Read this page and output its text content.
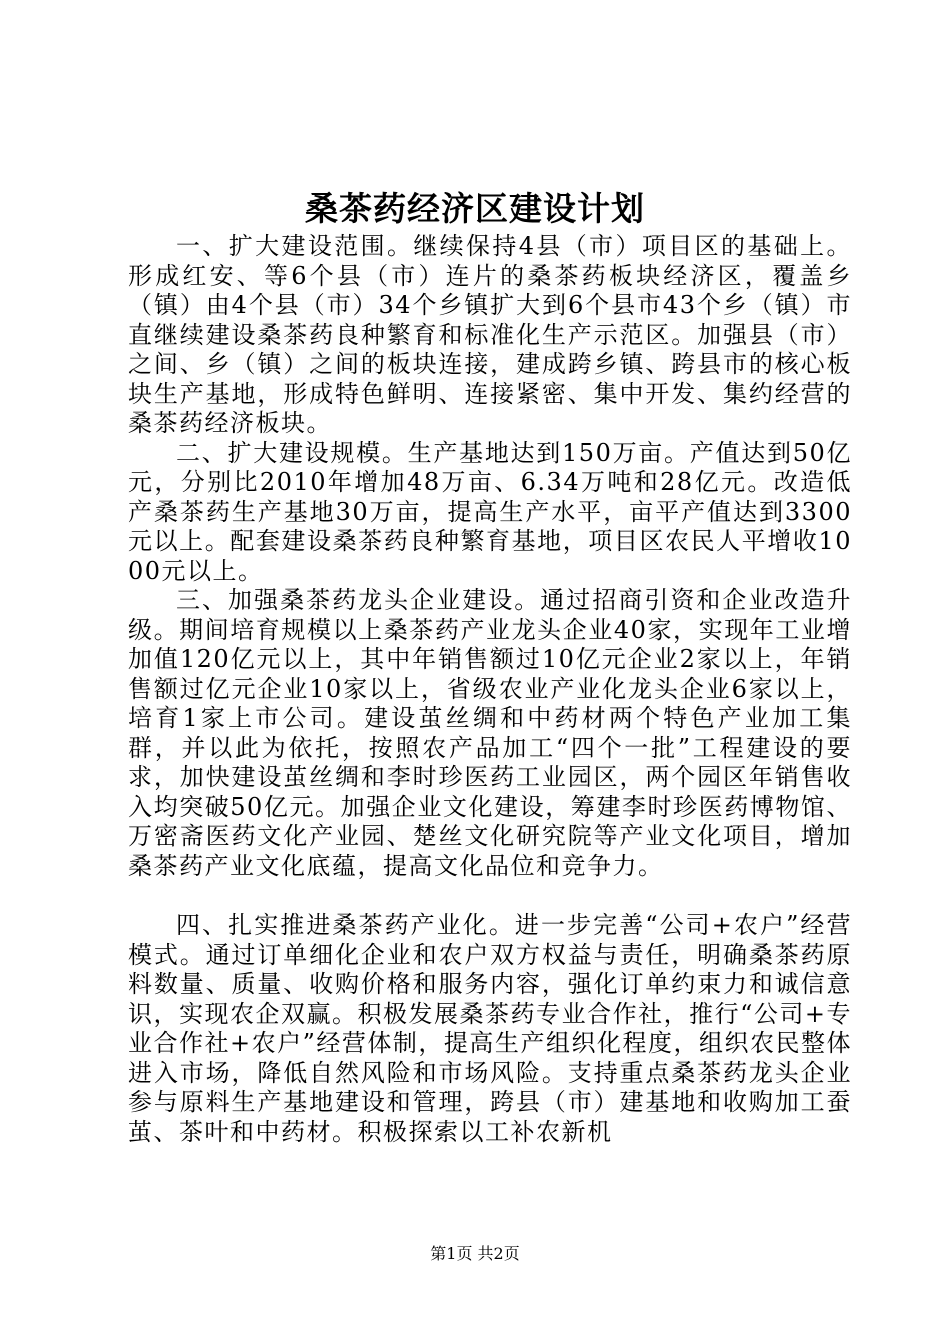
桑茶药经济区建设计划

一、扩大建设范围。继续保持4县（市）项目区的基础上。形成红安、等6个县（市）连片的桑茶药板块经济区，覆盖乡（镇）由4个县（市）34个乡镇扩大到6个县市43个乡（镇）市直继续建设桑茶药良种繁育和标准化生产示范区。加强县（市）之间、乡（镇）之间的板块连接，建成跨乡镇、跨县市的核心板块生产基地，形成特色鲜明、连接紧密、集中开发、集约经营的桑茶药经济板块。

二、扩大建设规模。生产基地达到150万亩。产值达到50亿元，分别比2010年增加48万亩、6.34万吨和28亿元。改造低产桑茶药生产基地30万亩，提高生产水平，亩平产值达到3300元以上。配套建设桑茶药良种繁育基地，项目区农民人平增收1000元以上。

三、加强桑茶药龙头企业建设。通过招商引资和企业改造升级。期间培育规模以上桑茶药产业龙头企业40家，实现年工业增加值120亿元以上，其中年销售额过10亿元企业2家以上，年销售额过亿元企业10家以上，省级农业产业化龙头企业6家以上，培育1家上市公司。建设茧丝绸和中药材两个特色产业加工集群，并以此为依托，按照农产品加工“四个一批”工程建设的要求，加快建设茧丝绸和李时珍医药工业园区，两个园区年销售收入均突破50亿元。加强企业文化建设，筹建李时珍医药博物馆、万密斋医药文化产业园、楚丝文化研究院等产业文化项目，增加桑茶药产业文化底蕴，提高文化品位和竞争力。

四、扎实推进桑茶药产业化。进一步完善“公司+农户”经营模式。通过订单细化企业和农户双方权益与责任，明确桑茶药原料数量、质量、收购价格和服务内容，强化订单约束力和诚信意识，实现农企双赢。积极发展桑茶药专业合作社，推行“公司+专业合作社+农户”经营体制，提高生产组织化程度，组织农民整体进入市场，降低自然风险和市场风险。支持重点桑茶药龙头企业参与原料生产基地建设和管理，跨县（市）建基地和收购加工蚕茧、茶叶和中药材。积极探索以工补农新机

第1页 共2页
